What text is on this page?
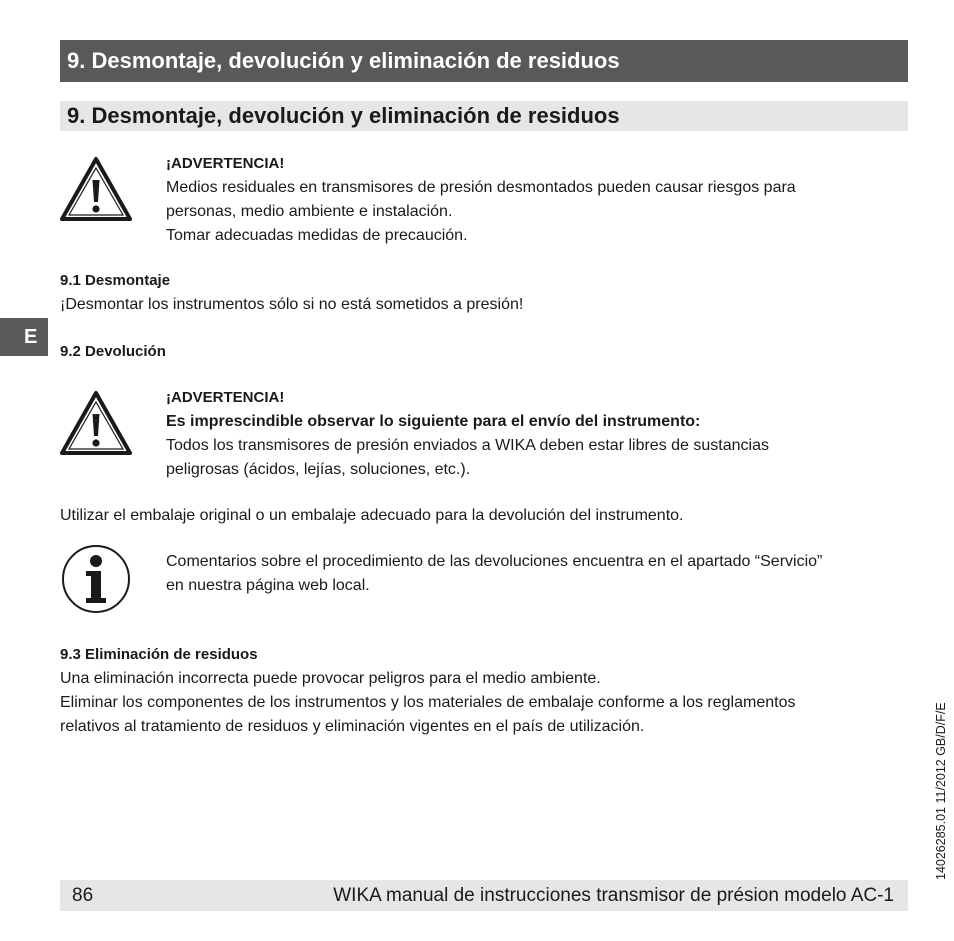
9. Desmontaje, devolución y eliminación de residuos
9. Desmontaje, devolución y eliminación de residuos
¡ADVERTENCIA!
Medios residuales en transmisores de presión desmontados pueden causar riesgos para
personas, medio ambiente e instalación.
Tomar adecuadas medidas de precaución.
9.1 Desmontaje
¡Desmontar los instrumentos sólo si no está sometidos a presión!
E
9.2 Devolución
¡ADVERTENCIA!
Es imprescindible observar lo siguiente para el envío del instrumento:
Todos los transmisores de presión enviados a WIKA deben estar libres de sustancias
peligrosas (ácidos, lejías, soluciones, etc.).
Utilizar el embalaje original o un embalaje adecuado para la devolución del instrumento.
Comentarios sobre el procedimiento de las devoluciones encuentra en el apartado “Servicio”
en nuestra página web local.
9.3 Eliminación de residuos
Una eliminación incorrecta puede provocar peligros para el medio ambiente.
Eliminar los componentes de los instrumentos y los materiales de embalaje conforme a los reglamentos
relativos al tratamiento de residuos y eliminación vigentes en el país de utilización.	14026285.01 11/2012 GB/D/F/E
86	WIKA manual de instrucciones transmisor de présion modelo AC-1
